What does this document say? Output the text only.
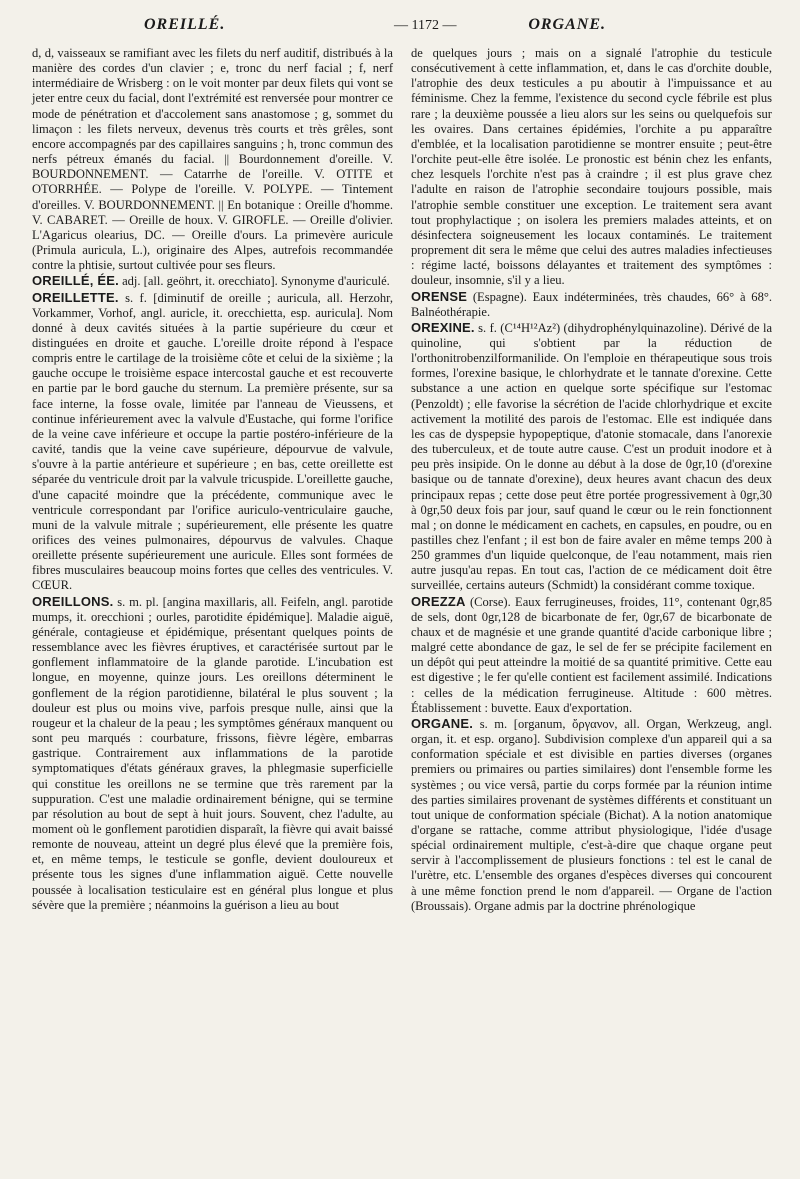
OREILLÉ.	— 1172 —	ORGANE.

d, d, vaisseaux se ramifiant avec les filets du nerf auditif, distribués à la manière des cordes d'un clavier ; e, tronc du nerf facial ; f, nerf intermédiaire de Wrisberg : on le voit monter par deux filets qui vont se jeter entre ceux du facial, dont l'extrémité est renversée pour montrer ce mode de pénétration et d'accolement sans anastomose ; g, sommet du limaçon : les filets nerveux, devenus très courts et très grêles, sont encore accompagnés par des capillaires sanguins ; h, tronc commun des nerfs pétreux émanés du facial. || Bourdonnement d'oreille. V. BOURDONNEMENT. — Catarrhe de l'oreille. V. OTITE et OTORRHÉE. — Polype de l'oreille. V. POLYPE. — Tintement d'oreilles. V. BOURDONNEMENT. || En botanique : Oreille d'homme. V. CABARET. — Oreille de houx. V. GIROFLE. — Oreille d'olivier. L'Agaricus olearius, DC. — Oreille d'ours. La primevère auricule (Primula auricula, L.), originaire des Alpes, autrefois recommandée contre la phtisie, surtout cultivée pour ses fleurs.

OREILLÉ, ÉE. adj. [all. geöhrt, it. orecchiato]. Synonyme d'auriculé.

OREILLETTE. s. f. [diminutif de oreille ; auricula, all. Herzohr, Vorkammer, Vorhof, angl. auricle, it. orecchietta, esp. auricula]. Nom donné à deux cavités situées à la partie supérieure du cœur et distinguées en droite et gauche. L'oreille droite répond à l'espace compris entre le cartilage de la troisième côte et celui de la sixième ; la gauche occupe le troisième espace intercostal gauche et est recouverte en partie par le bord gauche du sternum. La première présente, sur sa face interne, la fosse ovale, limitée par l'anneau de Vieussens, et continue inférieurement avec la valvule d'Eustache, qui forme l'orifice de la veine cave inférieure et occupe la partie postéro-inférieure de la cavité, tandis que la veine cave supérieure, dépourvue de valvule, s'ouvre à la partie antérieure et supérieure ; en bas, cette oreillette est séparée du ventricule droit par la valvule tricuspide. L'oreillette gauche, d'une capacité moindre que la précédente, communique avec le ventricule correspondant par l'orifice auriculo-ventriculaire gauche, muni de la valvule mitrale ; supérieurement, elle présente les quatre orifices des veines pulmonaires, dépourvus de valvules. Chaque oreillette présente supérieurement une auricule. Elles sont formées de fibres musculaires beaucoup moins fortes que celles des ventricules. V. CŒUR.

OREILLONS. s. m. pl. [angina maxillaris, all. Feifeln, angl. parotide mumps, it. orecchioni ; ourles, parotidite épidémique]. Maladie aiguë, générale, contagieuse et épidémique, présentant quelques points de ressemblance avec les fièvres éruptives, et caractérisée surtout par le gonflement inflammatoire de la glande parotide. L'incubation est longue, en moyenne, quinze jours. Les oreillons déterminent le gonflement de la région parotidienne, bilatéral le plus souvent ; la douleur est plus ou moins vive, parfois presque nulle, ainsi que la rougeur et la chaleur de la peau ; les symptômes généraux manquent ou sont peu marqués : courbature, frissons, fièvre légère, embarras gastrique. Contrairement aux inflammations de la parotide symptomatiques d'états généraux graves, la phlegmasie superficielle qui constitue les oreillons ne se termine que très rarement par la suppuration. C'est une maladie ordinairement bénigne, qui se termine par résolution au bout de sept à huit jours. Souvent, chez l'adulte, au moment où le gonflement parotidien disparaît, la fièvre qui avait baissé remonte de nouveau, atteint un degré plus élevé que la première fois, et, en même temps, le testicule se gonfle, devient douloureux et présente tous les signes d'une inflammation aiguë. Cette nouvelle poussée à localisation testiculaire est en général plus longue et plus sévère que la première ; néanmoins la guérison a lieu au bout

de quelques jours ; mais on a signalé l'atrophie du testicule consécutivement à cette inflammation, et, dans le cas d'orchite double, l'atrophie des deux testicules a pu aboutir à l'impuissance et au féminisme. Chez la femme, l'existence du second cycle fébrile est plus rare ; la deuxième poussée a lieu alors sur les seins ou quelquefois sur les ovaires. Dans certaines épidémies, l'orchite a pu apparaître d'emblée, et la localisation parotidienne se montrer ensuite ; peut-être l'orchite peut-elle être isolée. Le pronostic est bénin chez les enfants, chez lesquels l'orchite n'est pas à craindre ; il est plus grave chez l'adulte en raison de l'atrophie secondaire toujours possible, mais l'atrophie semble constituer une exception. Le traitement sera avant tout prophylactique ; on isolera les premiers malades atteints, et on désinfectera soigneusement les locaux contaminés. Le traitement proprement dit sera le même que celui des autres maladies infectieuses : régime lacté, boissons délayantes et traitement des symptômes : douleur, insomnie, s'il y a lieu.

ORENSE (Espagne). Eaux indéterminées, très chaudes, 66° à 68°. Balnéothérapie.

OREXINE. s. f. (C¹⁴H¹²Az²) (dihydrophénylquinazoline). Dérivé de la quinoline, qui s'obtient par la réduction de l'orthonitrobenzilformanilide. On l'emploie en thérapeutique sous trois formes, l'orexine basique, le chlorhydrate et le tannate d'orexine. Cette substance a une action en quelque sorte spécifique sur l'estomac (Penzoldt) ; elle favorise la sécrétion de l'acide chlorhydrique et excite activement la motilité des parois de l'estomac. Elle est indiquée dans les cas de dyspepsie hypopeptique, d'atonie stomacale, dans l'anorexie des tuberculeux, et de toute autre cause. C'est un produit inodore et à peu près insipide. On le donne au début à la dose de 0gr,10 (d'orexine basique ou de tannate d'orexine), deux heures avant chacun des deux principaux repas ; cette dose peut être portée progressivement à 0gr,30 à 0gr,50 deux fois par jour, sauf quand le cœur ou le rein fonctionnent mal ; on donne le médicament en cachets, en capsules, en poudre, ou en pastilles chez l'enfant ; il est bon de faire avaler en même temps 200 à 250 grammes d'un liquide quelconque, de l'eau notamment, mais rien autre jusqu'au repas. En tout cas, l'action de ce médicament doit être surveillée, certains auteurs (Schmidt) la considérant comme toxique.

OREZZA (Corse). Eaux ferrugineuses, froides, 11°, contenant 0gr,85 de sels, dont 0gr,128 de bicarbonate de fer, 0gr,67 de bicarbonate de chaux et de magnésie et une grande quantité d'acide carbonique libre ; malgré cette abondance de gaz, le sel de fer se précipite facilement en un dépôt qui peut atteindre la moitié de sa quantité primitive. Cette eau est digestive ; le fer qu'elle contient est facilement assimilé. Indications : celles de la médication ferrugineuse. Altitude : 600 mètres. Établissement : buvette. Eaux d'exportation.

ORGANE. s. m. [organum, ὄργανον, all. Organ, Werkzeug, angl. organ, it. et esp. organo]. Subdivision complexe d'un appareil qui a sa conformation spéciale et est divisible en parties diverses (organes premiers ou primaires ou parties similaires) dont l'ensemble forme les systèmes ; ou vice versâ, partie du corps formée par la réunion intime des parties similaires provenant de systèmes différents et constituant un tout unique de conformation spéciale (Bichat). A la notion anatomique d'organe se rattache, comme attribut physiologique, l'idée d'usage spécial ordinairement multiple, c'est-à-dire que chaque organe peut servir à l'accomplissement de plusieurs fonctions : tel est le canal de l'urètre, etc. L'ensemble des organes d'espèces diverses qui concourent à une même fonction prend le nom d'appareil. — Organe de l'action (Broussais). Organe admis par la doctrine phrénologique
